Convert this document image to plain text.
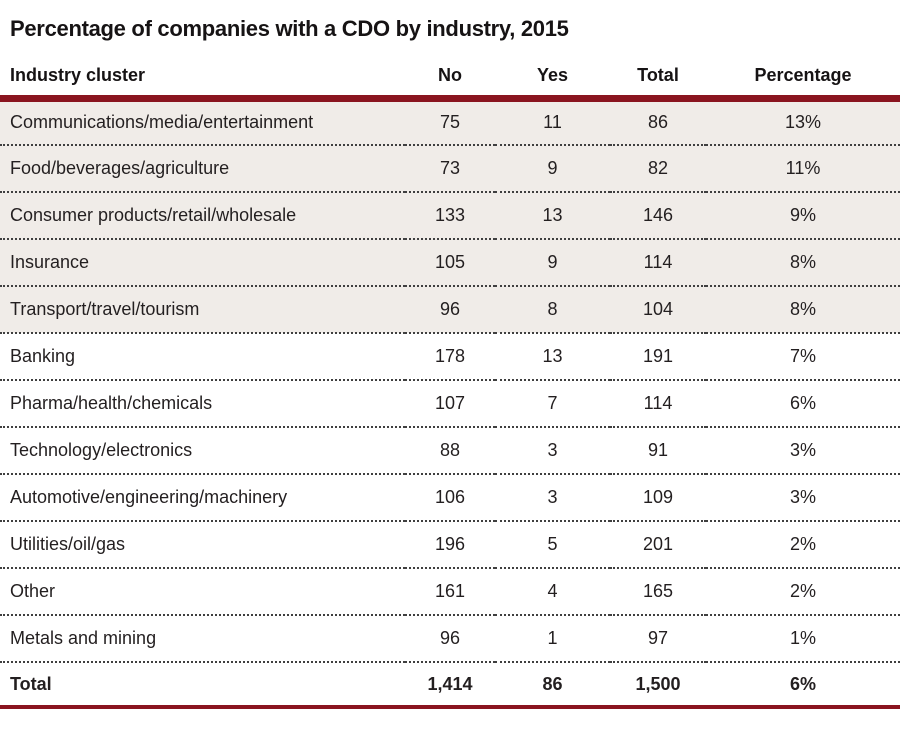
Percentage of companies with a CDO by industry, 2015
Industry cluster	No	Yes	Total	Percentage
Communications/media/entertainment	75	11	86	13%
Food/beverages/agriculture	73	9	82	11%
Consumer products/retail/wholesale	133	13	146	9%
Insurance	105	9	114	8%
Transport/travel/tourism	96	8	104	8%
Banking	178	13	191	7%
Pharma/health/chemicals	107	7	114	6%
Technology/electronics	88	3	91	3%
Automotive/engineering/machinery	106	3	109	3%
Utilities/oil/gas	196	5	201	2%
Other	161	4	165	2%
Metals and mining	96	1	97	1%
Total	1,414	86	1,500	6%
